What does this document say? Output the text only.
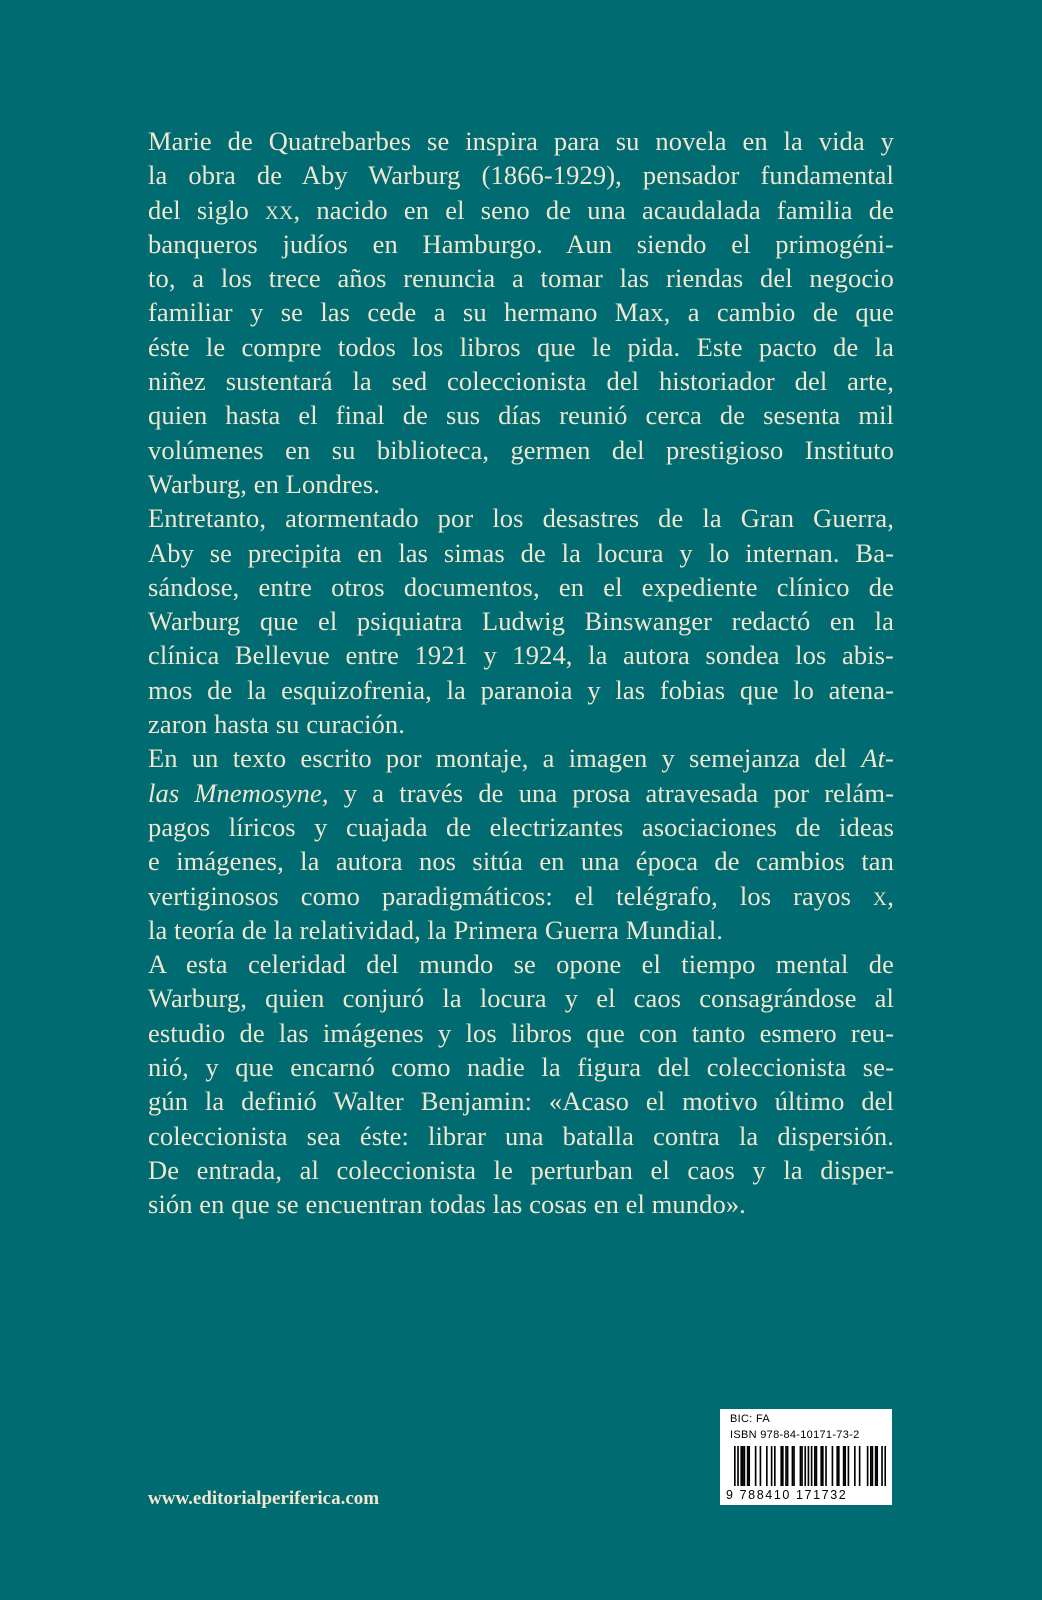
Marie de Quatrebarbes se inspira para su novela en la vida y
la obra de Aby Warburg (1866-1929), pensador fundamental
del siglo xx, nacido en el seno de una acaudalada familia de
banqueros judíos en Hamburgo. Aun siendo el primogéni-
to, a los trece años renuncia a tomar las riendas del negocio
familiar y se las cede a su hermano Max, a cambio de que
éste le compre todos los libros que le pida. Este pacto de la
niñez sustentará la sed coleccionista del historiador del arte,
quien hasta el final de sus días reunió cerca de sesenta mil
volúmenes en su biblioteca, germen del prestigioso Instituto
Warburg, en Londres.

Entretanto, atormentado por los desastres de la Gran Guerra,
Aby se precipita en las simas de la locura y lo internan. Ba-
sándose, entre otros documentos, en el expediente clínico de
Warburg que el psiquiatra Ludwig Binswanger redactó en la
clínica Bellevue entre 1921 y 1924, la autora sondea los abis-
mos de la esquizofrenia, la paranoia y las fobias que lo atena-
zaron hasta su curación.

En un texto escrito por montaje, a imagen y semejanza del At-
las Mnemosyne, y a través de una prosa atravesada por relám-
pagos líricos y cuajada de electrizantes asociaciones de ideas
e imágenes, la autora nos sitúa en una época de cambios tan
vertiginosos como paradigmáticos: el telégrafo, los rayos x,
la teoría de la relatividad, la Primera Guerra Mundial.

A esta celeridad del mundo se opone el tiempo mental de
Warburg, quien conjuró la locura y el caos consagrándose al
estudio de las imágenes y los libros que con tanto esmero reu-
nió, y que encarnó como nadie la figura del coleccionista se-
gún la definió Walter Benjamin: «Acaso el motivo último del
coleccionista sea éste: librar una batalla contra la dispersión.
De entrada, al coleccionista le perturban el caos y la disper-
sión en que se encuentran todas las cosas en el mundo».

www.editorialperiferica.com
BIC: FA
ISBN 978-84-10171-73-2
9 788410 171732
